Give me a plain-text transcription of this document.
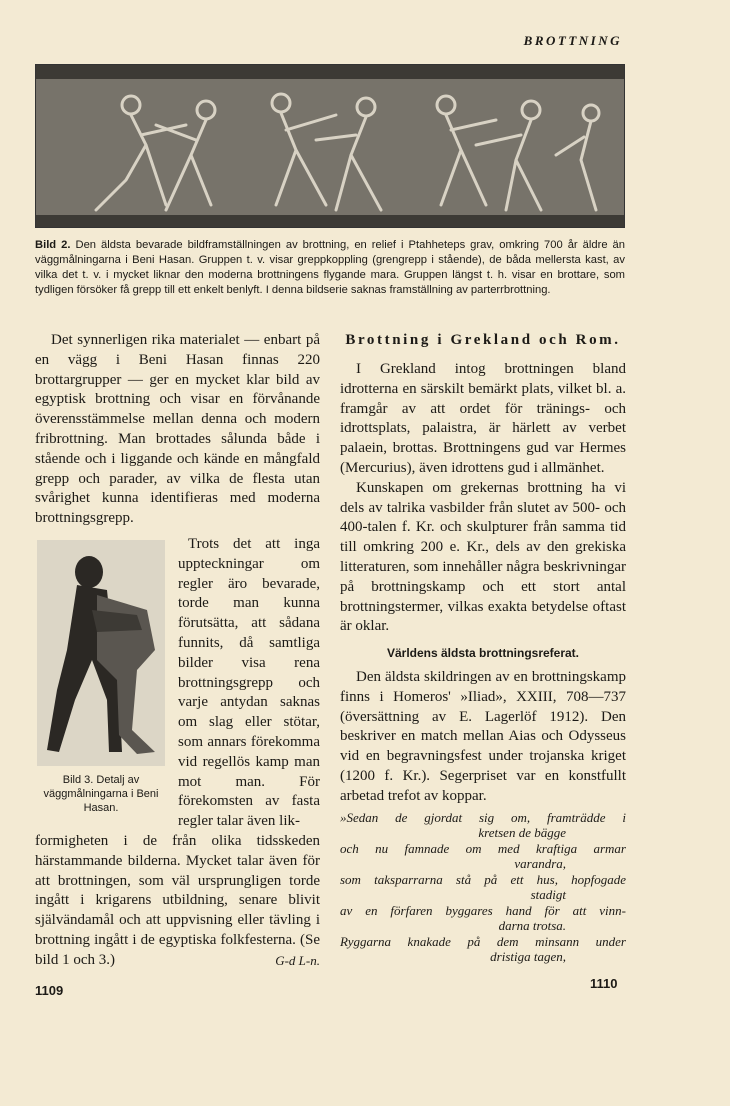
BROTTNING
Bild 2. Den äldsta bevarade bildframställningen av brottning, en relief i Ptahheteps grav, omkring 700 år äldre än väggmålningarna i Beni Hasan. Gruppen t. v. visar greppkoppling (grengrepp i stående), de båda mellersta kast, av vilka det t. v. i mycket liknar den moderna brottningens flygande mara. Gruppen längst t. h. visar en brottare, som tydligen försöker få grepp till ett enkelt benlyft. I denna bildserie saknas framställning av parterrbrottning.

Det synnerligen rika materialet — enbart på en vägg i Beni Hasan finnas 220 brottargrupper — ger en mycket klar bild av egyptisk brottning och visar en förvånande överensstämmelse mellan denna och modern fribrottning. Man brottades sålunda både i stående och i liggande och kände en mångfald grepp och parader, av vilka de flesta utan svårighet kunna identifieras med moderna brottningsgrepp.

Bild 3. Detalj av väggmålningarna i Beni Hasan.

Trots det att inga uppteckningar om regler äro bevarade, torde man kunna förutsätta, att sådana funnits, då samtliga bilder visa rena brottningsgrepp och varje antydan saknas om slag eller stötar, som annars förekomma vid regellös kamp man mot man. För förekomsten av fasta regler talar även lik-

formigheten i de från olika tidsskeden härstammande bilderna. Mycket talar även för att brottningen, som väl ursprungligen torde ingått i krigarens utbildning, senare blivit självändamål och att uppvisning eller tävling i brottning ingått i de egyptiska folkfesterna. (Se bild 1 och 3.)	G-d L-n.
Brottning i Grekland och Rom.

I Grekland intog brottningen bland idrotterna en särskilt bemärkt plats, vilket bl. a. framgår av att ordet för tränings- och idrottsplats, palaistra, är härlett av verbet palaein, brottas. Brottningens gud var Hermes (Mercurius), även idrottens gud i allmänhet.

Kunskapen om grekernas brottning ha vi dels av talrika vasbilder från slutet av 500- och 400-talen f. Kr. och skulpturer från samma tid till omkring 200 e. Kr., dels av den grekiska litteraturen, som innehåller några beskrivningar på brottningskamp och ett stort antal brottningstermer, vilkas exakta betydelse oftast är oklar.

Världens äldsta brottningsreferat.

Den äldsta skildringen av en brottningskamp finns i Homeros' »Iliad», XXIII, 708—737 (översättning av E. Lagerlöf 1912). Den beskriver en match mellan Aias och Odysseus vid en begravningsfest under trojanska kriget (1200 f. Kr.). Segerpriset var en konstfullt arbetad trefot av koppar.

»Sedan de gjordat sig om, framträdde i
kretsen de bägge
och nu famnade om med kraftiga armar
varandra,
som taksparrarna stå på ett hus, hopfogade
stadigt
av en förfaren byggares hand för att vinn-
darna trotsa.
Ryggarna knakade på dem minsann under
dristiga tagen,
1109	1110
